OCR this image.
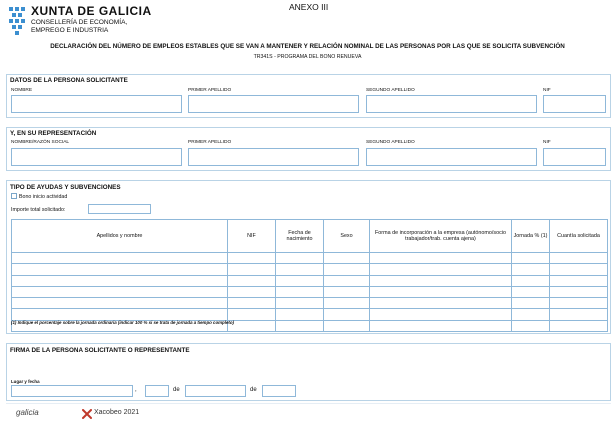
XUNTA DE GALICIA
CONSELLERÍA DE ECONOMÍA,
EMPREGO E INDUSTRIA
ANEXO III
DECLARACIÓN DEL NÚMERO DE EMPLEOS ESTABLES QUE SE VAN A MANTENER Y RELACIÓN NOMINAL DE LAS PERSONAS POR LAS QUE SE SOLICITA SUBVENCIÓN
TR341S - PROGRAMA DEL BONO RENUEVA
DATOS DE LA PERSONA SOLICITANTE
NOMBRE	PRIMER APELLIDO	SEGUNDO APELLIDO	NIF
Y, EN SU REPRESENTACIÓN
NOMBRE/RAZÓN SOCIAL	PRIMER APELLIDO	SEGUNDO APELLIDO	NIF
TIPO DE AYUDAS Y SUBVENCIONES
Bono inicio actividad
Importe total solicitado:
Apellidos y nombre	NIF	Fecha de nacimiento	Sexo	Forma de incorporación a la empresa (autónomo/socio trabajador/trab. cuenta ajena)	Jornada % (1)	Cuantía solicitada

(1) Indique el porcentaje sobre la jornada ordinaria (indicar 100 % si se trata de jornada a tiempo completo)
FIRMA DE LA PERSONA SOLICITANTE O REPRESENTANTE
Lugar y fecha
,	de	de
galicia	Xacobeo 2021
